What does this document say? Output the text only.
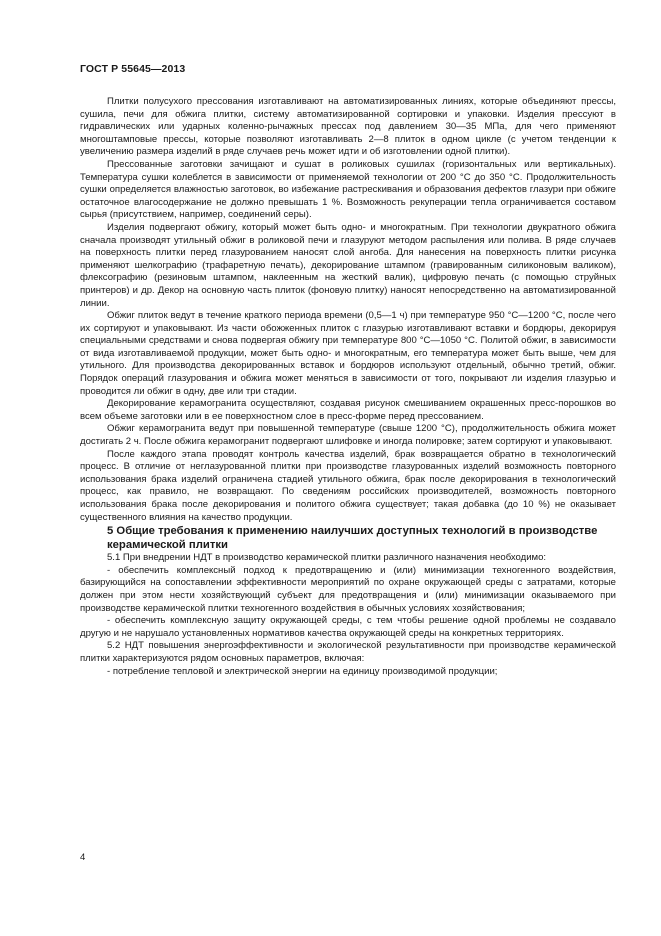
ГОСТ Р 55645—2013

Плитки полусухого прессования изготавливают на автоматизированных линиях, которые объединяют прессы, сушила, печи для обжига плитки, систему автоматизированной сортировки и упаковки. Изделия прессуют в гидравлических или ударных коленно-рычажных прессах под давлением 30—35 МПа, для чего применяют многоштамповые прессы, которые позволяют изготавливать 2—8 плиток в одном цикле (с учетом тенденции к увеличению размера изделий в ряде случаев речь может идти и об изготовлении одной плитки).

Прессованные заготовки зачищают и сушат в роликовых сушилах (горизонтальных или вертикальных). Температура сушки колеблется в зависимости от применяемой технологии от 200 °С до 350 °С. Продолжительность сушки определяется влажностью заготовок, во избежание растрескивания и образования дефектов глазури при обжиге остаточное влагосодержание не должно превышать 1 %. Возможность рекуперации тепла ограничивается составом сырья (присутствием, например, соединений серы).

Изделия подвергают обжигу, который может быть одно- и многократным. При технологии двукратного обжига сначала производят утильный обжиг в роликовой печи и глазуруют методом распыления или полива. В ряде случаев на поверхность плитки перед глазурованием наносят слой ангоба. Для нанесения на поверхность плитки рисунка применяют шелкографию (трафаретную печать), декорирование штампом (гравированным силиконовым валиком), флексографию (резиновым штампом, наклеенным на жесткий валик), цифровую печать (с помощью струйных принтеров) и др. Декор на основную часть плиток (фоновую плитку) наносят непосредственно на автоматизированной линии.

Обжиг плиток ведут в течение краткого периода времени (0,5—1 ч) при температуре 950 °С—1200 °С, после чего их сортируют и упаковывают. Из части обожженных плиток с глазурью изготавливают вставки и бордюры, декорируя специальными средствами и снова подвергая обжигу при температуре 800 °С—1050 °С. Политой обжиг, в зависимости от вида изготавливаемой продукции, может быть одно- и многократным, его температура может быть выше, чем для утильного. Для производства декорированных вставок и бордюров используют отдельный, обычно третий, обжиг. Порядок операций глазурования и обжига может меняться в зависимости от того, покрывают ли изделия глазурью и проводится ли обжиг в одну, две или три стадии.

Декорирование керамогранита осуществляют, создавая рисунок смешиванием окрашенных пресс-порошков во всем объеме заготовки или в ее поверхностном слое в пресс-форме перед прессованием.

Обжиг керамогранита ведут при повышенной температуре (свыше 1200 °С), продолжительность обжига может достигать 2 ч. После обжига керамогранит подвергают шлифовке и иногда полировке; затем сортируют и упаковывают.

После каждого этапа проводят контроль качества изделий, брак возвращается обратно в технологический процесс. В отличие от неглазурованной плитки при производстве глазурованных изделий возможность повторного использования брака изделий ограничена стадией утильного обжига, брак после декорирования в технологический процесс, как правило, не возвращают. По сведениям российских производителей, возможность повторного использования брака после декорирования и политого обжига существует; такая добавка (до 10 %) не оказывает существенного влияния на качество продукции.

5 Общие требования к применению наилучших доступных технологий в производстве керамической плитки

5.1 При внедрении НДТ в производство керамической плитки различного назначения необходимо:

- обеспечить комплексный подход к предотвращению и (или) минимизации техногенного воздействия, базирующийся на сопоставлении эффективности мероприятий по охране окружающей среды с затратами, которые должен при этом нести хозяйствующий субъект для предотвращения и (или) минимизации оказываемого при производстве керамической плитки техногенного воздействия в обычных условиях хозяйствования;

- обеспечить комплексную защиту окружающей среды, с тем чтобы решение одной проблемы не создавало другую и не нарушало установленных нормативов качества окружающей среды на конкретных территориях.

5.2 НДТ повышения энергоэффективности и экологической результативности при производстве керамической плитки характеризуются рядом основных параметров, включая:

- потребление тепловой и электрической энергии на единицу производимой продукции;

4
